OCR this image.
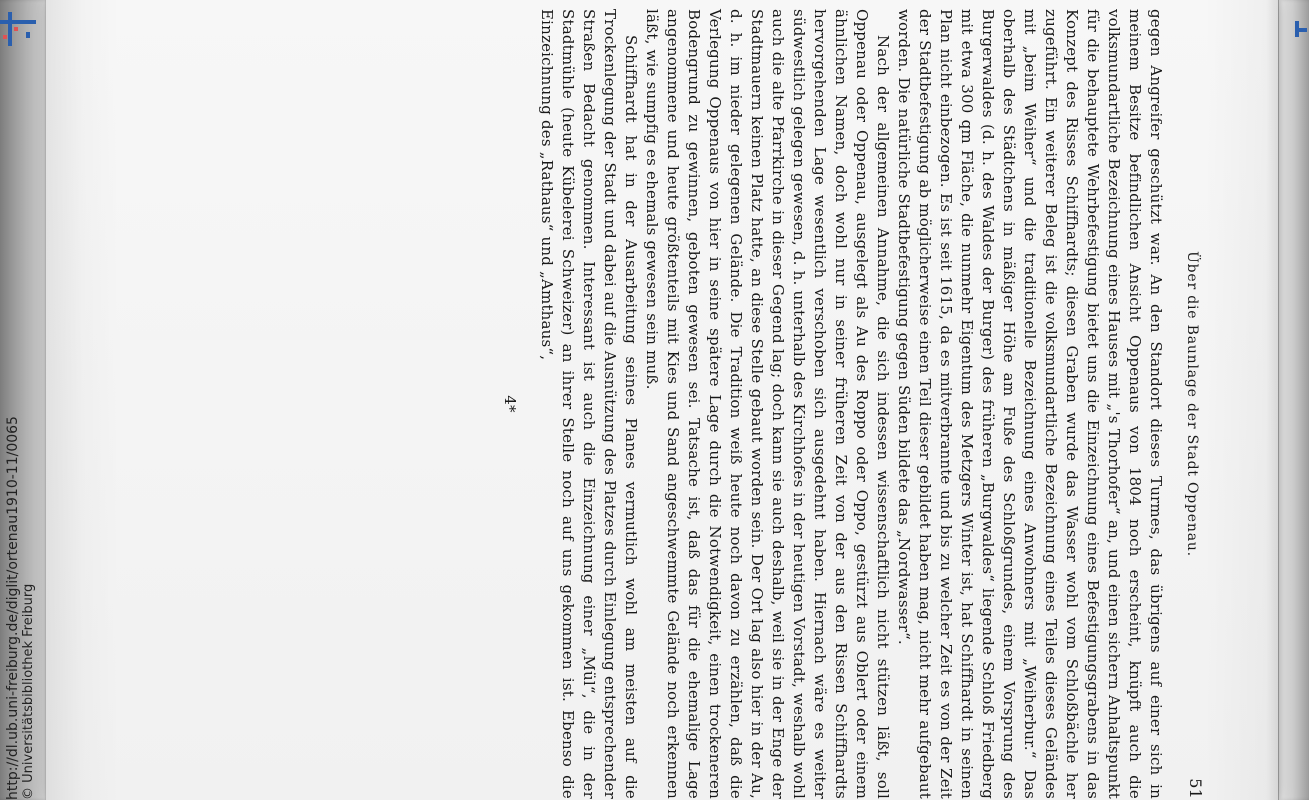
http://dl.ub.uni-freiburg.de/diglit/ortenau1910-11/0065 © Universitätsbibliothek Freiburg
Über die Baunlage der Stadt Oppenau.
51

gegen Angreifer geschützt war. An den Standort dieses Turmes, das übrigens auf einer sich in meinem Besitze befindlichen Ansicht Oppenaus von 1804 noch erscheint, knüpft auch die volksmundartliche Bezeichnung eines Hauses mit „'s Thorhofer“ an, und einen sichern Anhaltspunkt für die behauptete Wehrbefestigung bietet uns die Einzeichnung eines Befestigungsgrabens in das Konzept des Risses Schiffhardts; diesen Graben wurde das Wasser wohl vom Schloßbächle her zugeführt. Ein weiterer Beleg ist die volksmundartliche Bezeichnung eines Teiles dieses Geländes mit „beim Weiher“ und die traditionelle Bezeichnung eines Anwohners mit „Weiherbur.“ Das oberhalb des Städtchens in mäßiger Höhe am Fuße des Schloßgrundes, einem Vorsprung des Burgerwaldes (d. h. des Waldes der Burger) des früheren „Burgwaldes“ liegende Schloß Friedberg mit etwa 300 qm Fläche, die nunmehr Eigentum des Metzgers Winter ist, hat Schiffhardt in seinen Plan nicht einbezogen. Es ist seit 1615, da es mitverbrannte und bis zu welcher Zeit es von der Zeit der Stadtbefestigung ab möglicherweise einen Teil dieser gebildet haben mag, nicht mehr aufgebaut worden. Die natürliche Stadtbefestigung gegen Süden bildete das „Nordwasser“.

Nach der allgemeinen Annahme, die sich indessen wissenschaftlich nicht stützen läßt, soll Oppenau oder Oppenau, ausgelegt als Au des Roppo oder Oppo, gestürzt aus Oblert oder einem ähnlichen Namen, doch wohl nur in seiner früheren Zeit von der aus den Rissen Schiffhardts hervorgehenden Lage wesentlich verschoben sich ausgedehnt haben. Hiernach wäre es weiter südwestlich gelegen gewesen, d. h. unterhalb des Kirchhofes in der heutigen Vorstadt, weshalb wohl auch die alte Pfarrkirche in dieser Gegend lag; doch kann sie auch deshalb, weil sie in der Enge der Stadtmauern keinen Platz hatte, an diese Stelle gebaut worden sein. Der Ort lag also hier in der Au, d. h. im nieder gelegenen Gelände. Die Tradition weiß heute noch davon zu erzählen, daß die Verlegung Oppenaus von hier in seine spätere Lage durch die Notwendigkeit, einen trockeneren Bodengrund zu gewinnen, geboten gewesen sei. Tatsache ist, daß das für die ehemalige Lage angenommene und heute größtenteils mit Kies und Sand angeschwemmte Gelände noch erkennen läßt, wie sumpfig es ehemals gewesen sein muß.

Schiffhardt hat in der Ausarbeitung seines Planes vermutlich wohl am meisten auf die Trockenlegung der Stadt und dabei auf die Ausnützung des Platzes durch Einlegung entsprechender Straßen Bedacht genommen. Interessant ist auch die Einzeichnung einer „Mül“, die in der Stadtmühle (heute Kübelerei Schweizer) an ihrer Stelle noch auf uns gekommen ist. Ebenso die Einzeichnung des „Rathaus“ und „Amthaus“,

4*
